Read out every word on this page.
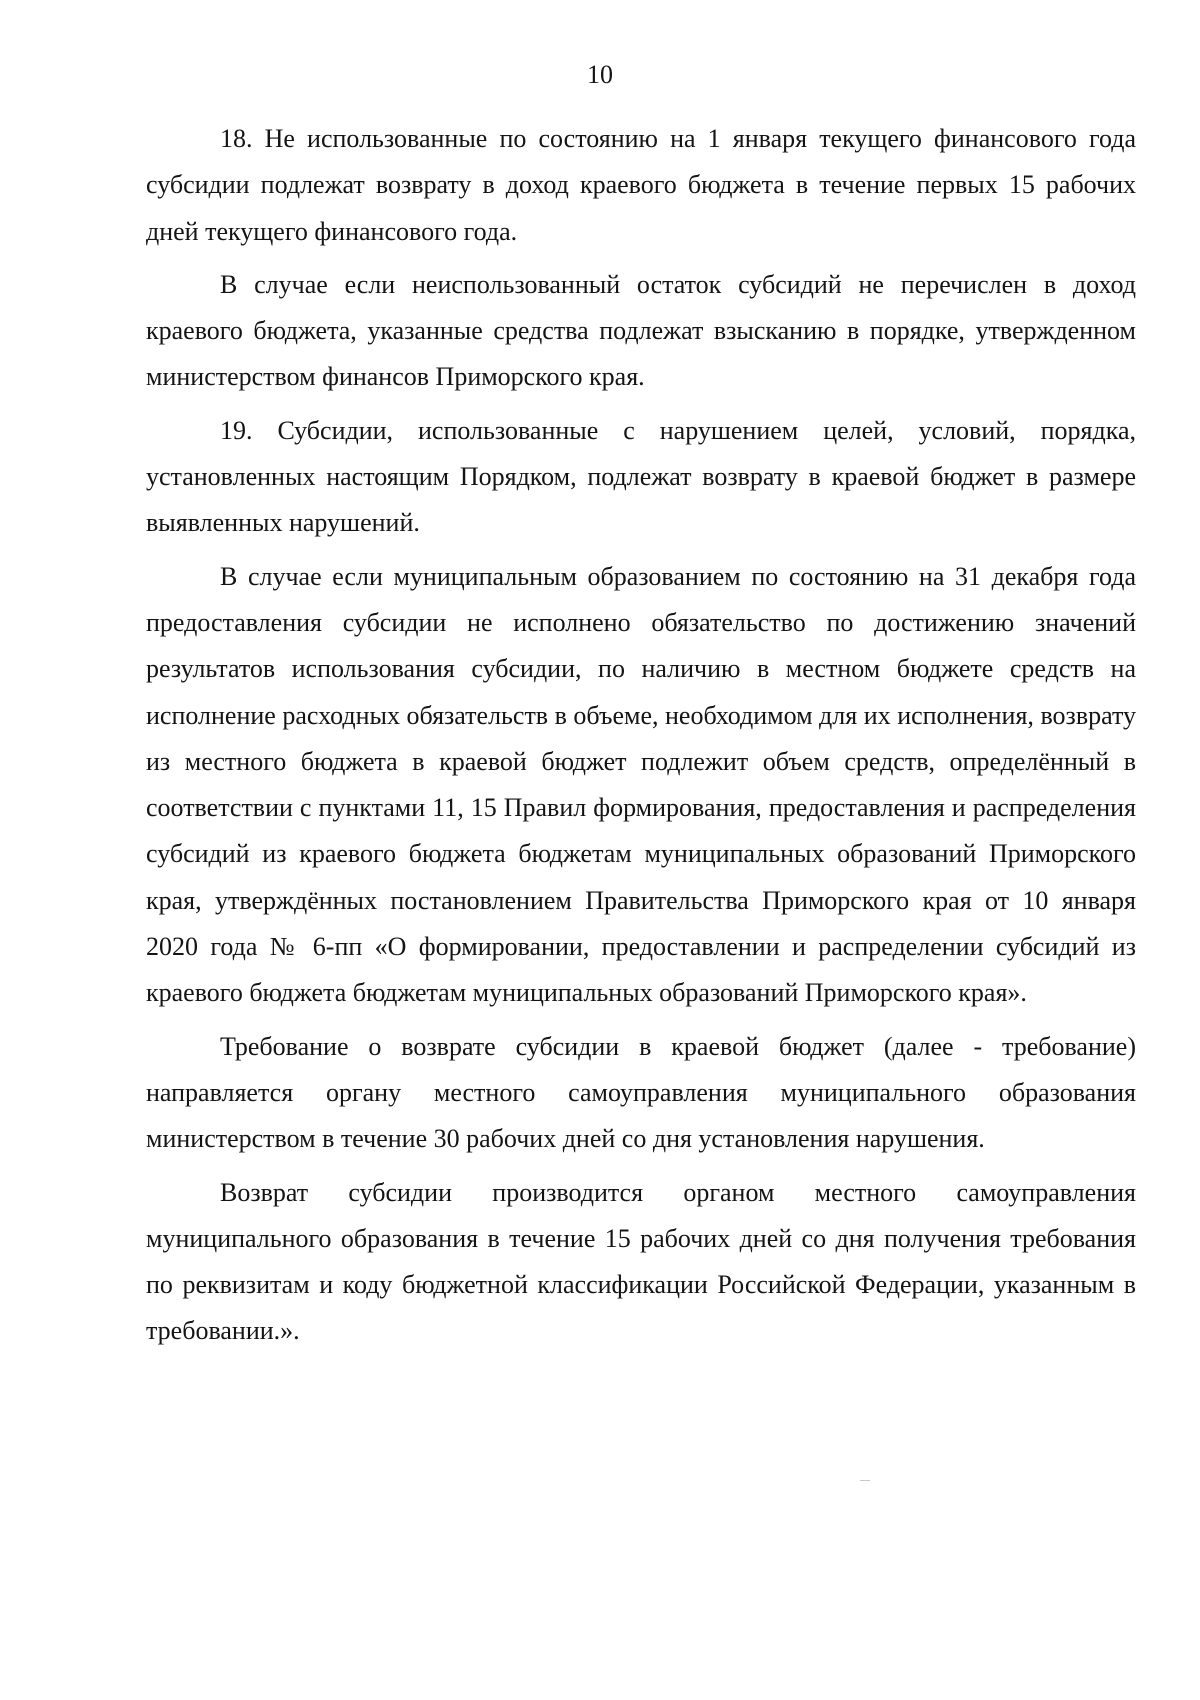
10

18. Не использованные по состоянию на 1 января текущего финансового года субсидии подлежат возврату в доход краевого бюджета в течение первых 15 рабочих дней текущего финансового года.

В случае если неиспользованный остаток субсидий не перечислен в доход краевого бюджета, указанные средства подлежат взысканию в порядке, утвержденном министерством финансов Приморского края.

19. Субсидии, использованные с нарушением целей, условий, порядка, установленных настоящим Порядком, подлежат возврату в краевой бюджет в размере выявленных нарушений.

В случае если муниципальным образованием по состоянию на 31 декабря года предоставления субсидии не исполнено обязательство по достижению значений результатов использования субсидии, по наличию в местном бюджете средств на исполнение расходных обязательств в объеме, необходимом для их исполнения, возврату из местного бюджета в краевой бюджет подлежит объем средств, определённый в соответствии с пунктами 11, 15 Правил формирования, предоставления и распределения субсидий из краевого бюджета бюджетам муниципальных образований Приморского края, утверждённых постановлением Правительства Приморского края от 10 января 2020 года № 6-пп «О формировании, предоставлении и распределении субсидий из краевого бюджета бюджетам муниципальных образований Приморского края».

Требование о возврате субсидии в краевой бюджет (далее - требование) направляется органу местного самоуправления муниципального образования министерством в течение 30 рабочих дней со дня установления нарушения.

Возврат субсидии производится органом местного самоуправления муниципального образования в течение 15 рабочих дней со дня получения требования по реквизитам и коду бюджетной классификации Российской Федерации, указанным в требовании.».
